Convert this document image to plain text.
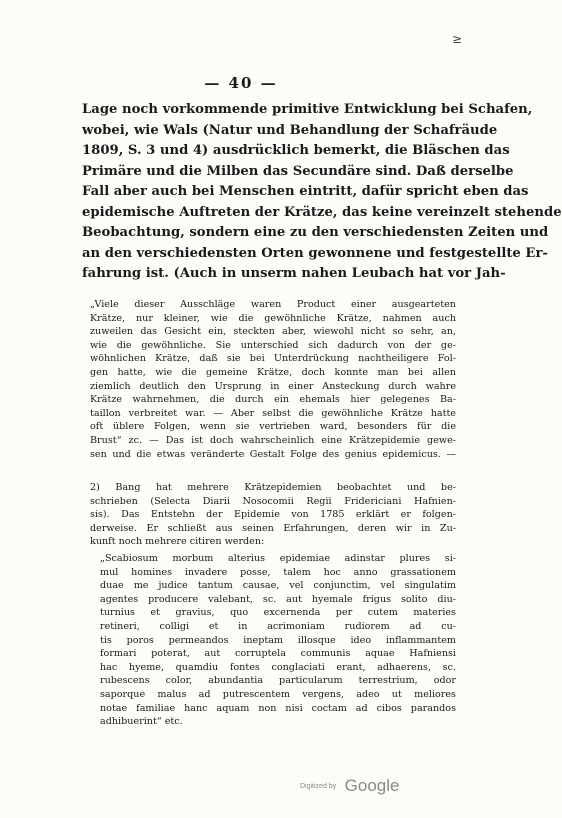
≥
— 40 —
Lage noch vorkommende primitive Entwicklung bei Schafen,
wobei, wie Wals (Natur und Behandlung der Schafräude
1809, S. 3 und 4) ausdrücklich bemerkt, die Bläschen das
Primäre und die Milben das Secundäre sind. Daß derselbe
Fall aber auch bei Menschen eintritt, dafür spricht eben das
epidemische Auftreten der Krätze, das keine vereinzelt stehende
Beobachtung, sondern eine zu den verschiedensten Zeiten und
an den verschiedensten Orten gewonnene und festgestellte Er-
fahrung ist. (Auch in unserm nahen Leubach hat vor Jah-
„Viele dieser Ausschläge waren Product einer ausgearteten
Krätze, nur kleiner, wie die gewöhnliche Krätze, nahmen auch
zuweilen das Gesicht ein, steckten aber, wiewohl nicht so sehr, an,
wie die gewöhnliche. Sie unterschied sich dadurch von der ge-
wöhnlichen Krätze, daß sie bei Unterdrückung nachtheiligere Fol-
gen hatte, wie die gemeine Krätze, doch konnte man bei allen
ziemlich deutlich den Ursprung in einer Ansteckung durch wahre
Krätze wahrnehmen, die durch ein ehemals hier gelegenes Ba-
taillon verbreitet war. — Aber selbst die gewöhnliche Krätze hatte
oft üblere Folgen, wenn sie vertrieben ward, besonders für die
Brust“ zc. — Das ist doch wahrscheinlich eine Krätzepidemie gewe-
sen und die etwas veränderte Gestalt Folge des genius epidemicus. —
2) Bang hat mehrere Krätzepidemien beobachtet und be-
schrieben (Selecta Diarii Nosocomii Regii Fridericiani Hafnien-
sis). Das Entstehn der Epidemie von 1785 erklärt er folgen-
derweise. Er schließt aus seinen Erfahrungen, deren wir in Zu-
kunft noch mehrere citiren werden:
„Scabiosum morbum alterius epidemiae adinstar plures si-
mul homines invadere posse, talem hoc anno grassationem
duae me judice tantum causae, vel conjunctim, vel singulatim
agentes producere valebant, sc. aut hyemale frigus solito diu-
turnius et gravius, quo excernenda per cutem materies
retineri, colligi et in acrimoniam rudiorem ad cu-
tis poros permeandos ineptam illosque ideo inflammantem
formari poterat, aut corruptela communis aquae Hafniensi
hac hyeme, quamdiu fontes conglaciati erant, adhaerens, sc.
rubescens color, abundantia particularum terrestrium, odor
saporque malus ad putrescentem vergens, adeo ut meliores
notae familiae hanc aquam non nisi coctam ad cibos parandos
adhibuerint“ etc.
Digitized by Google
